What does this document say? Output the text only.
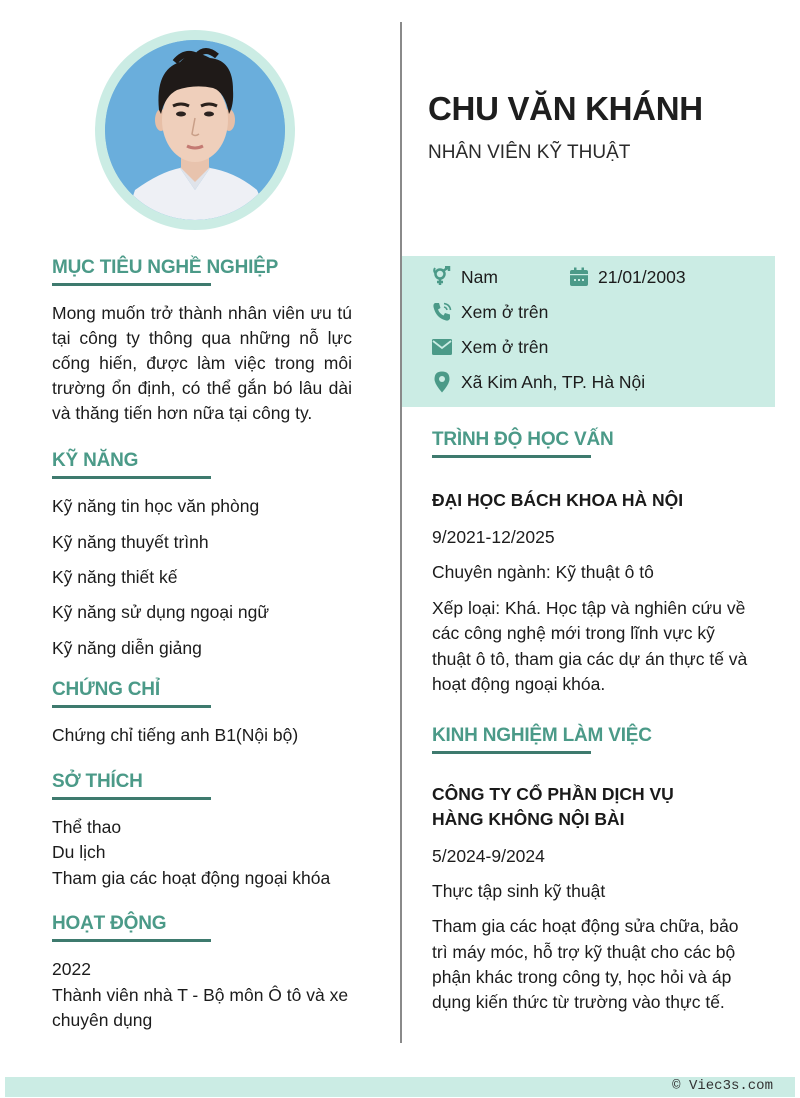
MỤC TIÊU NGHỀ NGHIỆP
Mong muốn trở thành nhân viên ưu tú tại công ty thông qua những nỗ lực cống hiến, được làm việc trong môi trường ổn định, có thể gắn bó lâu dài và thăng tiến hơn nữa tại công ty.
KỸ NĂNG
Kỹ năng tin học văn phòng
Kỹ năng thuyết trình
Kỹ năng thiết kế
Kỹ năng sử dụng ngoại ngữ
Kỹ năng diễn giảng
CHỨNG CHỈ
Chứng chỉ tiếng anh B1(Nội bộ)
SỞ THÍCH
Thể thao
Du lịch
Tham gia các hoạt động ngoại khóa
HOẠT ĐỘNG
2022
Thành viên nhà T - Bộ môn Ô tô và xe
chuyên dụng
CHU VĂN KHÁNH
NHÂN VIÊN KỸ THUẬT
Nam	21/01/2003
Xem ở trên
Xem ở trên
Xã Kim Anh, TP. Hà Nội
TRÌNH ĐỘ HỌC VẤN
ĐẠI HỌC BÁCH KHOA HÀ NỘI
9/2021-12/2025
Chuyên ngành: Kỹ thuật ô tô
Xếp loại: Khá. Học tập và nghiên cứu về
các công nghệ mới trong lĩnh vực kỹ
thuật ô tô, tham gia các dự án thực tế và
hoạt động ngoại khóa.
KINH NGHIỆM LÀM VIỆC
CÔNG TY CỔ PHẦN DỊCH VỤ
HÀNG KHÔNG NỘI BÀI
5/2024-9/2024
Thực tập sinh kỹ thuật
Tham gia các hoạt động sửa chữa, bảo
trì máy móc, hỗ trợ kỹ thuật cho các bộ
phận khác trong công ty, học hỏi và áp
dụng kiến thức từ trường vào thực tế.
© Viec3s.com
